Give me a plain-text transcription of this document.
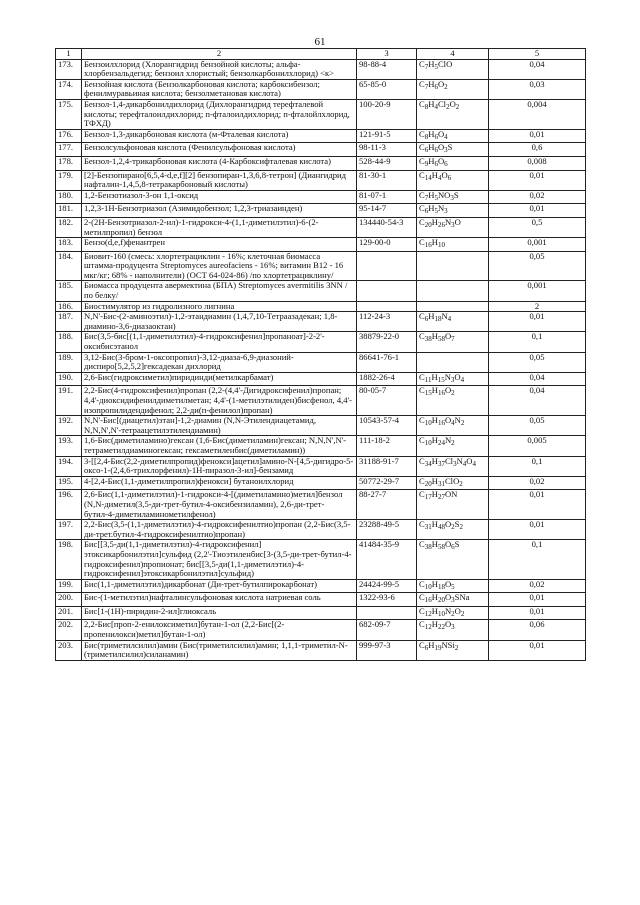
61
1	2	3	4	5
173.	Бензоилхлорид (Хлорангидрид бензойной кислоты; альфа-хлорбензальдегид; бензоил хлористый; бензолкарбонилхлорид) <к>	98-88-4	$C_7H_5ClO$	0,04
174.	Бензойная кислота (Бензолкарбоновая кислота; карбоксибензол; фенилмуравьиная кислота; бензолметановая кислота)	65-85-0	$C_7H_6O_2$	0,03
175.	Бензол-1,4-дикарбонилдихлорид (Дихлорангидрид терефталевой кислоты; терефталоилдихлорид; п-фталоилдихлорид; п-фталойлхлорид, ТФХД)	100-20-9	$C_8H_4Cl_2O_2$	0,004
176.	Бензол-1,3-дикарбоновая кислота (м-Фталевая кислота)	121-91-5	$C_8H_6O_4$	0,01
177.	Бензолсульфоновая кислота (Фенилсульфоновая кислота)	98-11-3	$C_6H_6O_3S$	0,6
178.	Бензол-1,2,4-трикарбоновая кислота (4-Карбоксифталевая кислота)	528-44-9	$C_9H_6O_6$	0,008
179.	[2]-Бензопирано[6,5,4-d,e,f][2] бензопиран-1,3,6,8-тетрон] (Диангидрид нафталин-1,4,5,8-тетракарбоновый кислоты)	81-30-1	$C_{14}H_4O_6$	0,01
180.	1,2-Бензотиазол-3-он 1,1-оксид	81-07-1	$C_7H_5NO_3S$	0,02
181.	1,2,3-1Н-Бензотриазол (Азимидобензол; 1,2,3-триазаинден)	95-14-7	$C_6H_5N_3$	0,01
182.	2-(2Н-Бензотриазол-2-ил)-1-гидрокси-4-(1,1-диметилэтил)-6-(2-метилпропил) бензол	134440-54-3	$C_{20}H_{26}N_3O$	0,5
183.	Бензо(d,e,f)фенантрен	129-00-0	$C_{16}H_{10}$	0,001
184.	Биовит-160 (смесь: хлортетрациклин - 16%; клеточная биомасса штамма-продуцента Streptomyces aureofaciens - 16%; витамин В12 - 16 мкг/кг; 68% - наполнители) (ОСТ 64-024-86) /по хлортетрациклину/			0,05
185.	Биомасса продуцента авермектина (БПА) Streptomyces avermitilis 3NN /по белку/			0,001
186.	Биостимулятор из гидролизного лигнина			2
187.	N,N'-Бис-(2-аминоэтил)-1,2-этандиамин (1,4,7,10-Тетраазадекан; 1,8-диамино-3,6-диазаоктан)	112-24-3	$C_6H_{18}N_4$	0,01
188.	Бис(3,5-бис[(1,1-диметилэтил)-4-гидроксифенил]пропаноат]-2-2'-оксибисэтанол	38879-22-0	$C_{38}H_{58}O_7$	0,1
189.	3,12-Бис(3-бром-1-оксопропил)-3,12-диаза-6,9-диазоний-диспиро[5,2,5,2]гексадекан дихлорид	86641-76-1		0,05
190.	2,6-Бис(гидроксиметил)пиридинди(метилкарбамат)	1882-26-4	$C_{11}H_{15}N_3O_4$	0,04
191.	2,2-Бис(4-гидроксифенил)пропан (2,2-(4,4'-Дигидроксифенил)пропан; 4,4'-диоксидифенилдиметилметан; 4,4'-(1-метилэтилиден)бисфенол, 4,4'-изопропилидендифенол; 2,2-ди(п-фенилол)пропан)	80-05-7	$C_{15}H_{16}O_2$	0,04
192.	N,N'-Бис[(диацетил)этан]-1,2-диамин (N,N-Этилендиацетамид, N,N,N',N'-тетраацетилэтилендиамин)	10543-57-4	$C_{10}H_{16}O_4N_2$	0,05
193.	1,6-Бис(диметиламино)гексан (1,6-Бис(диметиламин)гексан; N,N,N',N'-тетраметилдиаминогексан; гексаметиленбис(диметиламин))	111-18-2	$C_{10}H_{24}N_2$	0,005
194.	3-[[2,4-Бис(2,2-диметилпропид)фенокси]ацетил]амино-N-[4,5-дигидро-5-оксо-1-(2,4,6-трихлорфенил)-1Н-пиразол-3-ил]-бензамид	31188-91-7	$C_{34}H_{37}Cl_3N_4O_4$	0,1
195.	4-[2,4-Бис(1,1-диметилпропил)фенокси] бутаноилхлорид	50772-29-7	$C_{20}H_{31}ClO_2$	0,02
196.	2,6-Бис(1,1-диметилэтил)-1-гидрокси-4-[(диметиламино)метил]бензол (N,N-диметил(3,5-ди-трет-бутил-4-оксибензиламин), 2,6-ди-трет-бутил-4-диметиламинометилфенол)	88-27-7	$C_{17}H_{27}ON$	0,01
197.	2,2-Бис(3,5-(1,1-диметилэтил)-4-гидроксифенилтио)пропан (2,2-Бис(3,5-ди-трет.бутил-4-гидроксифенилтио)пропан)	23288-49-5	$C_{31}H_{48}O_2S_2$	0,01
198.	Бис[[3,5-ди(1,1-диметилэтил)-4-гидроксифенил] этоксикарбонилэтил]сульфид (2,2'-Тиоэтиленбис[3-(3,5-ди-трет-бутил-4-гидроксифенил)пропионат; бис[[3,5-ди(1,1-диметилэтил)-4-гидроксифенил]этоксикарбонилэтил]сульфид)	41484-35-9	$C_{38}H_{58}O_6S$	0,1
199.	Бис(1,1-диметилэтил)дикарбонат (Ди-трет-бутилпирокарбонат)	24424-99-5	$C_{10}H_{18}O_5$	0,02
200.	Бис-(1-метилэтил)нафталинсульфоновая кислота натриевая соль	1322-93-6	$C_{16}H_{20}O_3SNa$	0,01
201.	Бис[1-(1Н)-пиридин-2-ил]глиоксаль		$C_{12}H_{10}N_2O_2$	0,01
202.	2,2-Бис[проп-2-енилоксиметил]бутан-1-ол (2,2-Бис[(2-пропенилокси)метил]бутан-1-ол)	682-09-7	$C_{12}H_{22}O_3$	0,06
203.	Бис(триметилсилил)амин (Бис(триметилсилил)амин; 1,1,1-триметил-N-(триметилсилил)силанамин)	999-97-3	$C_6H_{19}NSi_2$	0,01
